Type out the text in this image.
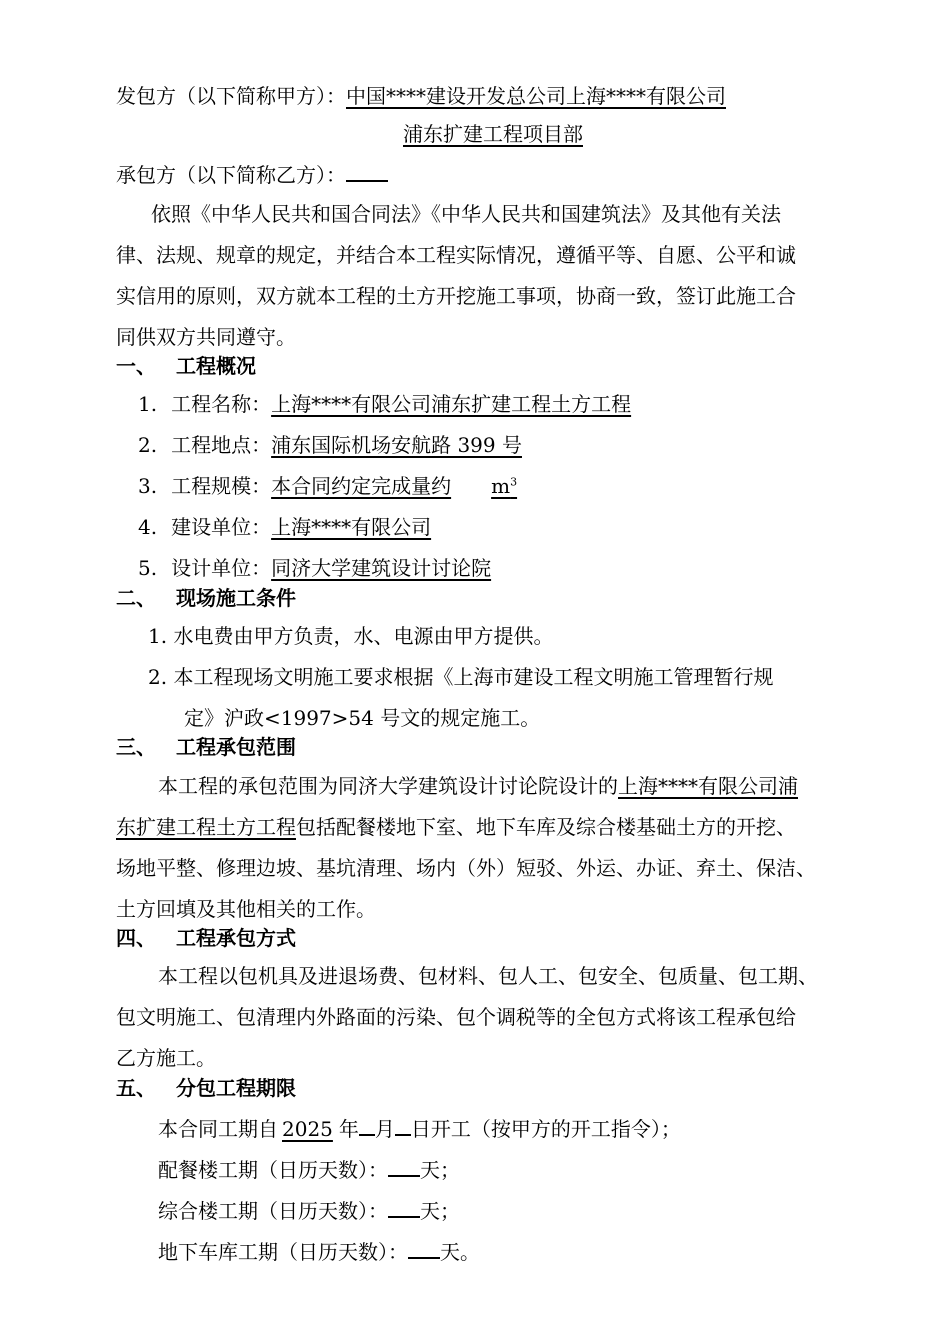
发包方（以下简称甲方）：中国****建设开发总公司上海****有限公司
浦东扩建工程项目部
承包方（以下简称乙方）：
依照《中华人民共和国合同法》《中华人民共和国建筑法》及其他有关法
律、法规、规章的规定，并结合本工程实际情况，遵循平等、自愿、公平和诚
实信用的原则，双方就本工程的土方开挖施工事项，协商一致，签订此施工合
同供双方共同遵守。
一、 工程概况
1. 工程名称：上海****有限公司浦东扩建工程土方工程
2. 工程地点：浦东国际机场安航路 399 号
3. 工程规模：本合同约定完成量约 $m^3$
4. 建设单位：上海****有限公司
5. 设计单位：同济大学建筑设计讨论院
二、 现场施工条件
1. 水电费由甲方负责，水、电源由甲方提供。
2. 本工程现场文明施工要求根据《上海市建设工程文明施工管理暂行规
定》沪政<1997>54 号文的规定施工。
三、 工程承包范围
本工程的承包范围为同济大学建筑设计讨论院设计的上海****有限公司浦
东扩建工程土方工程包括配餐楼地下室、地下车库及综合楼基础土方的开挖、
场地平整、修理边坡、基坑清理、场内（外）短驳、外运、办证、弃土、保洁、
土方回填及其他相关的工作。
四、 工程承包方式
本工程以包机具及进退场费、包材料、包人工、包安全、包质量、包工期、
包文明施工、包清理内外路面的污染、包个调税等的全包方式将该工程承包给
乙方施工。
五、 分包工程期限
本合同工期自 2025 年 月 日开工（按甲方的开工指令）；
配餐楼工期（日历天数）： 天；
综合楼工期（日历天数）： 天；
地下车库工期（日历天数）： 天。
